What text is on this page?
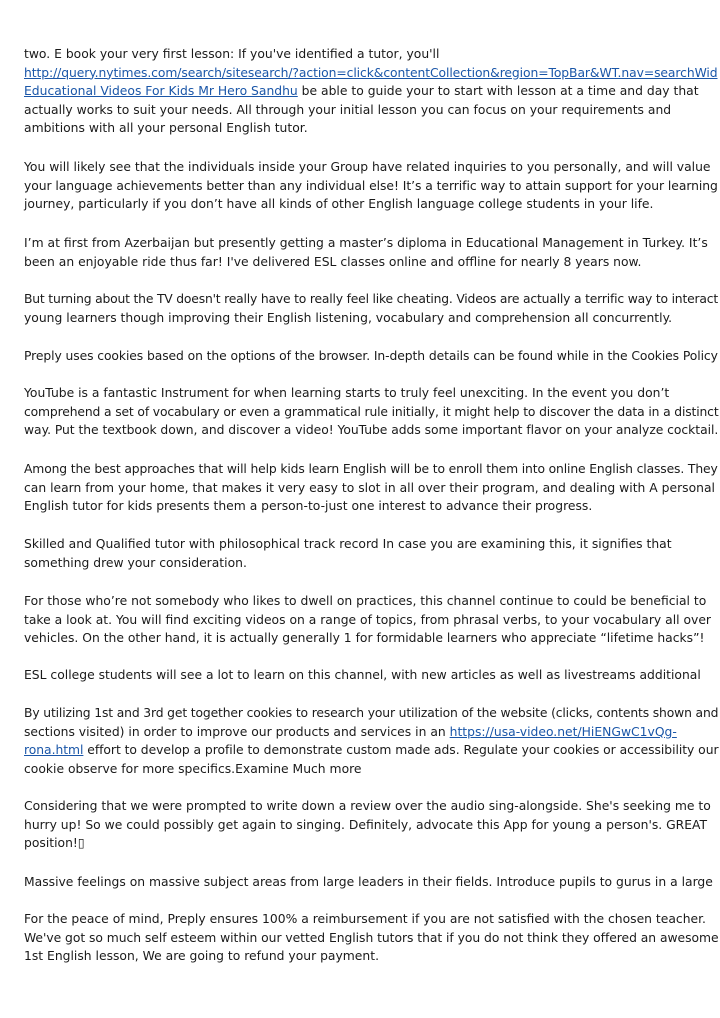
two. E book your very first lesson: If you've identified a tutor, you'll
http://query.nytimes.com/search/sitesearch/?action=click&contentCollection&region=TopBar&WT.nav=searchWid
Educational Videos For Kids Mr Hero Sandhu be able to guide your to start with lesson at a time and day that
actually works to suit your needs. All through your initial lesson you can focus on your requirements and
ambitions with all your personal English tutor.
You will likely see that the individuals inside your Group have related inquiries to you personally, and will value
your language achievements better than any individual else! It’s a terrific way to attain support for your learning
journey, particularly if you don’t have all kinds of other English language college students in your life.
I’m at first from Azerbaijan but presently getting a master’s diploma in Educational Management in Turkey. It’s
been an enjoyable ride thus far! I've delivered ESL classes online and offline for nearly 8 years now.
But turning about the TV doesn't really have to really feel like cheating. Videos are actually a terrific way to interact
young learners though improving their English listening, vocabulary and comprehension all concurrently.
Preply uses cookies based on the options of the browser. In-depth details can be found while in the Cookies Policy
YouTube is a fantastic Instrument for when learning starts to truly feel unexciting. In the event you don’t
comprehend a set of vocabulary or even a grammatical rule initially, it might help to discover the data in a distinct
way. Put the textbook down, and discover a video! YouTube adds some important flavor on your analyze cocktail.
Among the best approaches that will help kids learn English will be to enroll them into online English classes. They
can learn from your home, that makes it very easy to slot in all over their program, and dealing with A personal
English tutor for kids presents them a person-to-just one interest to advance their progress.
Skilled and Qualified tutor with philosophical track record In case you are examining this, it signifies that
something drew your consideration.
For those who’re not somebody who likes to dwell on practices, this channel continue to could be beneficial to
take a look at. You will find exciting videos on a range of topics, from phrasal verbs, to your vocabulary all over
vehicles. On the other hand, it is actually generally 1 for formidable learners who appreciate “lifetime hacks”!
ESL college students will see a lot to learn on this channel, with new articles as well as livestreams additional
By utilizing 1st and 3rd get together cookies to research your utilization of the website (clicks, contents shown and
sections visited) in order to improve our products and services in an https://usa-video.net/HiENGwC1vQg-
rona.html effort to develop a profile to demonstrate custom made ads. Regulate your cookies or accessibility our
cookie observe for more specifics.Examine Much more
Considering that we were prompted to write down a review over the audio sing-alongside. She's seeking me to
hurry up! So we could possibly get again to singing. Definitely, advocate this App for young a person's. GREAT
position!▯
Massive feelings on massive subject areas from large leaders in their fields. Introduce pupils to gurus in a large
For the peace of mind, Preply ensures 100% a reimbursement if you are not satisfied with the chosen teacher.
We've got so much self esteem within our vetted English tutors that if you do not think they offered an awesome
1st English lesson, We are going to refund your payment.
